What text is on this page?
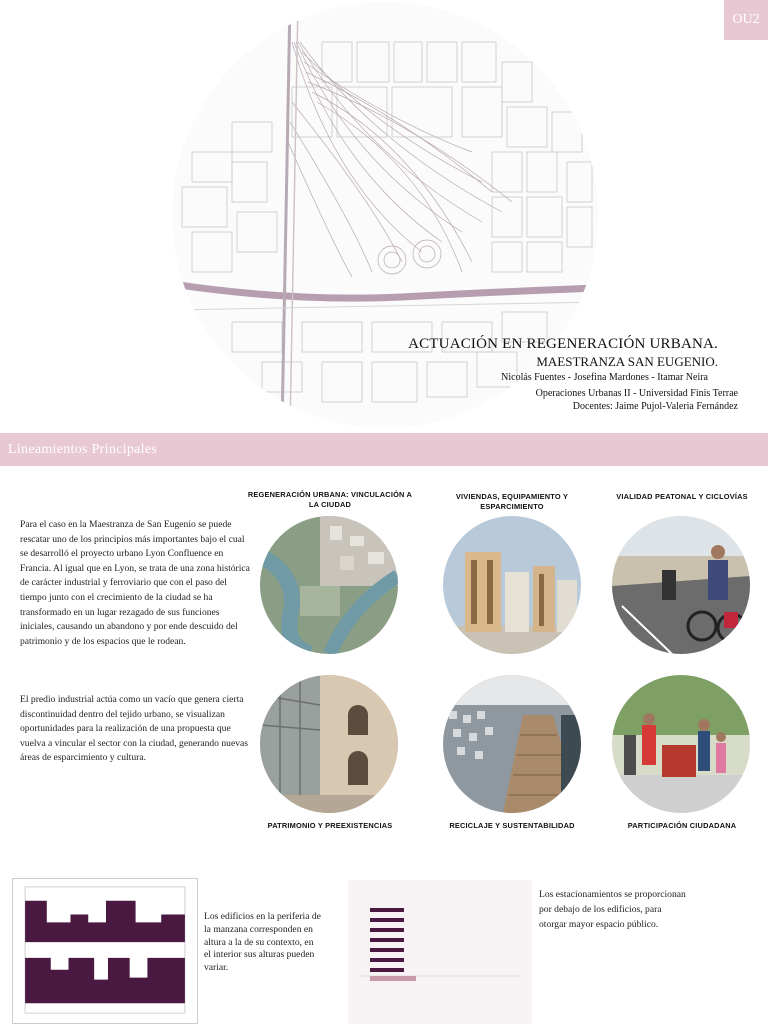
OU2
ACTUACIÓN EN REGENERACIÓN URBANA.
MAESTRANZA SAN EUGENIO.
Nicolás Fuentes - Josefina Mardones - Itamar Neira
Operaciones Urbanas II - Universidad Finis Terrae
Docentes: Jaime Pujol-Valeria Fernández
Lineamientos Principales
Para el caso en la Maestranza de San Eugenio se puede rescatar uno de los principios más importantes bajo el cual se desarrolló el proyecto urbano Lyon Confluence en Francia. Al igual que en Lyon, se trata de una zona histórica de carácter industrial y ferroviario que con el paso del tiempo junto con el crecimiento de la ciudad se ha transformado en un lugar rezagado de sus funciones iniciales, causando un abandono y por ende descuido del patrimonio y de los espacios que le rodean.
El predio industrial actúa como un vacío que genera cierta discontinuidad dentro del tejido urbano, se visualizan oportunidades para la realización de una propuesta que vuelva a vincular el sector con la ciudad, generando nuevas áreas de esparcimiento y cultura.
REGENERACIÓN URBANA: VINCULACIÓN A LA CIUDAD
VIVIENDAS, EQUIPAMIENTO Y ESPARCIMIENTO
VIALIDAD PEATONAL Y CICLOVÍAS
PATRIMONIO Y PREEXISTENCIAS	RECICLAJE Y SUSTENTABILIDAD	PARTICIPACIÓN CIUDADANA
Los edificios en la periferia de la manzana corresponden en altura a la de su contexto, en el interior sus alturas pueden variar.
Los estacionamientos se proporcionan por debajo de los edificios, para otorgar mayor espacio público.
